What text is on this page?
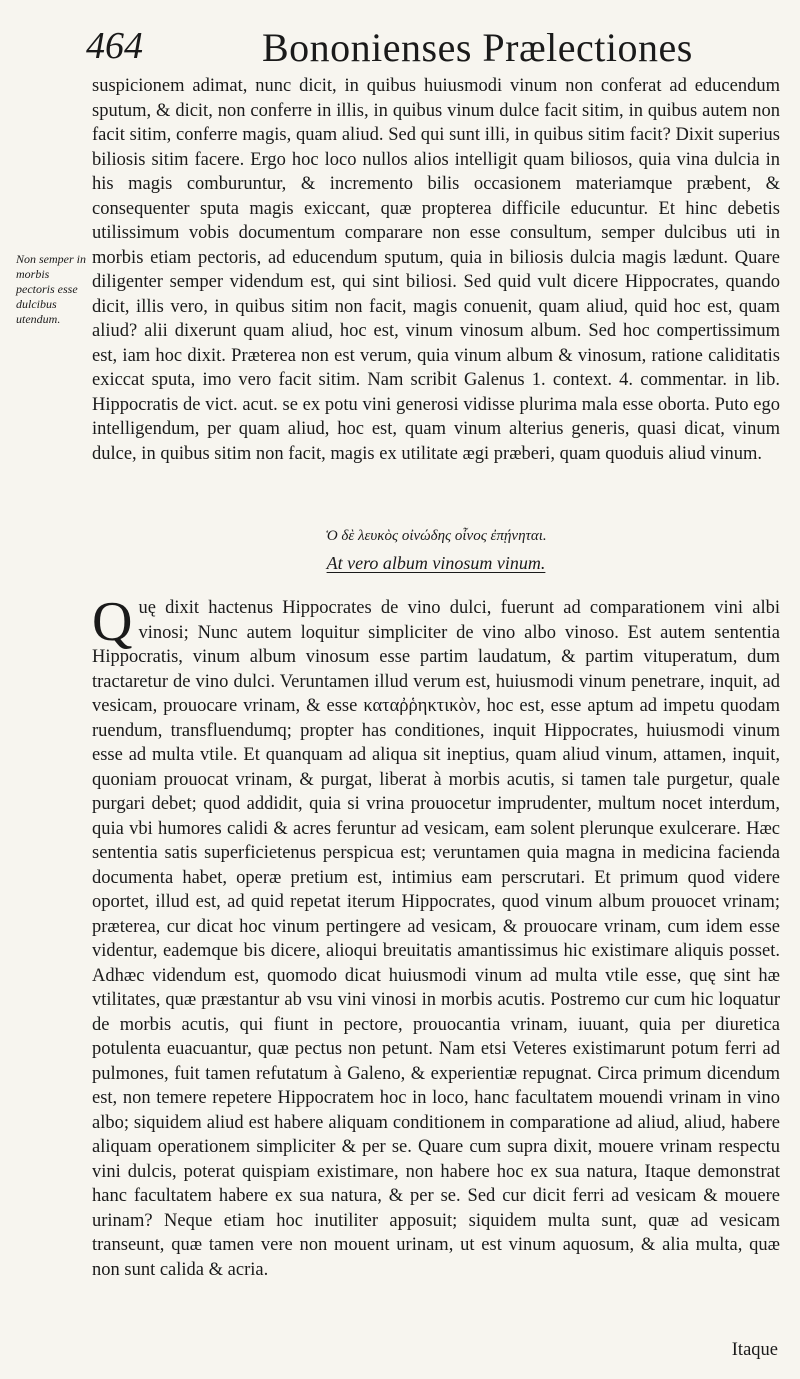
464	Bononienses Prælectiones
Non semper in morbis pectoris esse dulcibus utendum.
suspicionem adimat, nunc dicit, in quibus huiusmodi vinum non conferat ad educendum sputum, & dicit, non conferre in illis, in quibus vinum dulce facit sitim, in quibus autem non facit sitim, conferre magis, quam aliud. Sed qui sunt illi, in quibus sitim facit? Dixit superius biliosis sitim facere. Ergo hoc loco nullos alios intelligit quam biliosos, quia vina dulcia in his magis comburuntur, & incremento bilis occasionem materiamque præbent, & consequenter sputa magis exiccant, quæ propterea difficile educuntur. Et hinc debetis utilissimum vobis documentum comparare non esse consultum, semper dulcibus uti in morbis etiam pectoris, ad educendum sputum, quia in biliosis dulcia magis lædunt. Quare diligenter semper videndum est, qui sint biliosi. Sed quid vult dicere Hippocrates, quando dicit, illis vero, in quibus sitim non facit, magis conuenit, quam aliud, quid hoc est, quam aliud? alii dixerunt quam aliud, hoc est, vinum vinosum album. Sed hoc compertissimum est, iam hoc dixit. Præterea non est verum, quia vinum album & vinosum, ratione caliditatis exiccat sputa, imo vero facit sitim. Nam scribit Galenus 1. context. 4. commentar. in lib. Hippocratis de vict. acut. se ex potu vini generosi vidisse plurima mala esse oborta. Puto ego intelligendum, per quam aliud, hoc est, quam vinum alterius generis, quasi dicat, vinum dulce, in quibus sitim non facit, magis ex utilitate ægi præberi, quam quoduis aliud vinum.
Ὁ δὲ λευκὸς οἰνώδης οἶνος ἐπῄνηται.
At vero album vinosum vinum.
Q uę dixit hactenus Hippocrates de vino dulci, fuerunt ad comparationem vini albi vinosi; Nunc autem loquitur simpliciter de vino albo vinoso. Est autem sententia Hippocratis, vinum album vinosum esse partim laudatum, & partim vituperatum, dum tractaretur de vino dulci. Veruntamen illud verum est, huiusmodi vinum penetrare, inquit, ad vesicam, prouocare vrinam, & esse καταῤῥηκτικὸν, hoc est, esse aptum ad impetu quodam ruendum, transfluendumq; propter has conditiones, inquit Hippocrates, huiusmodi vinum esse ad multa vtile. Et quanquam ad aliqua sit ineptius, quam aliud vinum, attamen, inquit, quoniam prouocat vrinam, & purgat, liberat à morbis acutis, si tamen tale purgetur, quale purgari debet; quod addidit, quia si vrina prouocetur imprudenter, multum nocet interdum, quia vbi humores calidi & acres feruntur ad vesicam, eam solent plerunque exulcerare. Hæc sententia satis superficietenus perspicua est; veruntamen quia magna in medicina facienda documenta habet, operæ pretium est, intimius eam perscrutari. Et primum quod videre oportet, illud est, ad quid repetat iterum Hippocrates, quod vinum album prouocet vrinam; præterea, cur dicat hoc vinum pertingere ad vesicam, & prouocare vrinam, cum idem esse videntur, eademque bis dicere, alioqui breuitatis amantissimus hic existimare aliquis posset. Adhæc videndum est, quomodo dicat huiusmodi vinum ad multa vtile esse, quę sint hæ vtilitates, quæ præstantur ab vsu vini vinosi in morbis acutis. Postremo cur cum hic loquatur de morbis acutis, qui fiunt in pectore, prouocantia vrinam, iuuant, quia per diuretica potulenta euacuantur, quæ pectus non petunt. Nam etsi Veteres existimarunt potum ferri ad pulmones, fuit tamen refutatum à Galeno, & experientiæ repugnat. Circa primum dicendum est, non temere repetere Hippocratem hoc in loco, hanc facultatem mouendi vrinam in vino albo; siquidem aliud est habere aliquam conditionem in comparatione ad aliud, aliud, habere aliquam operationem simpliciter & per se. Quare cum supra dixit, mouere vrinam respectu vini dulcis, poterat quispiam existimare, non habere hoc ex sua natura, Itaque demonstrat hanc facultatem habere ex sua natura, & per se. Sed cur dicit ferri ad vesicam & mouere urinam? Neque etiam hoc inutiliter apposuit; siquidem multa sunt, quæ ad vesicam transeunt, quæ tamen vere non mouent urinam, ut est vinum aquosum, & alia multa, quæ non sunt calida & acria.
Itaque
